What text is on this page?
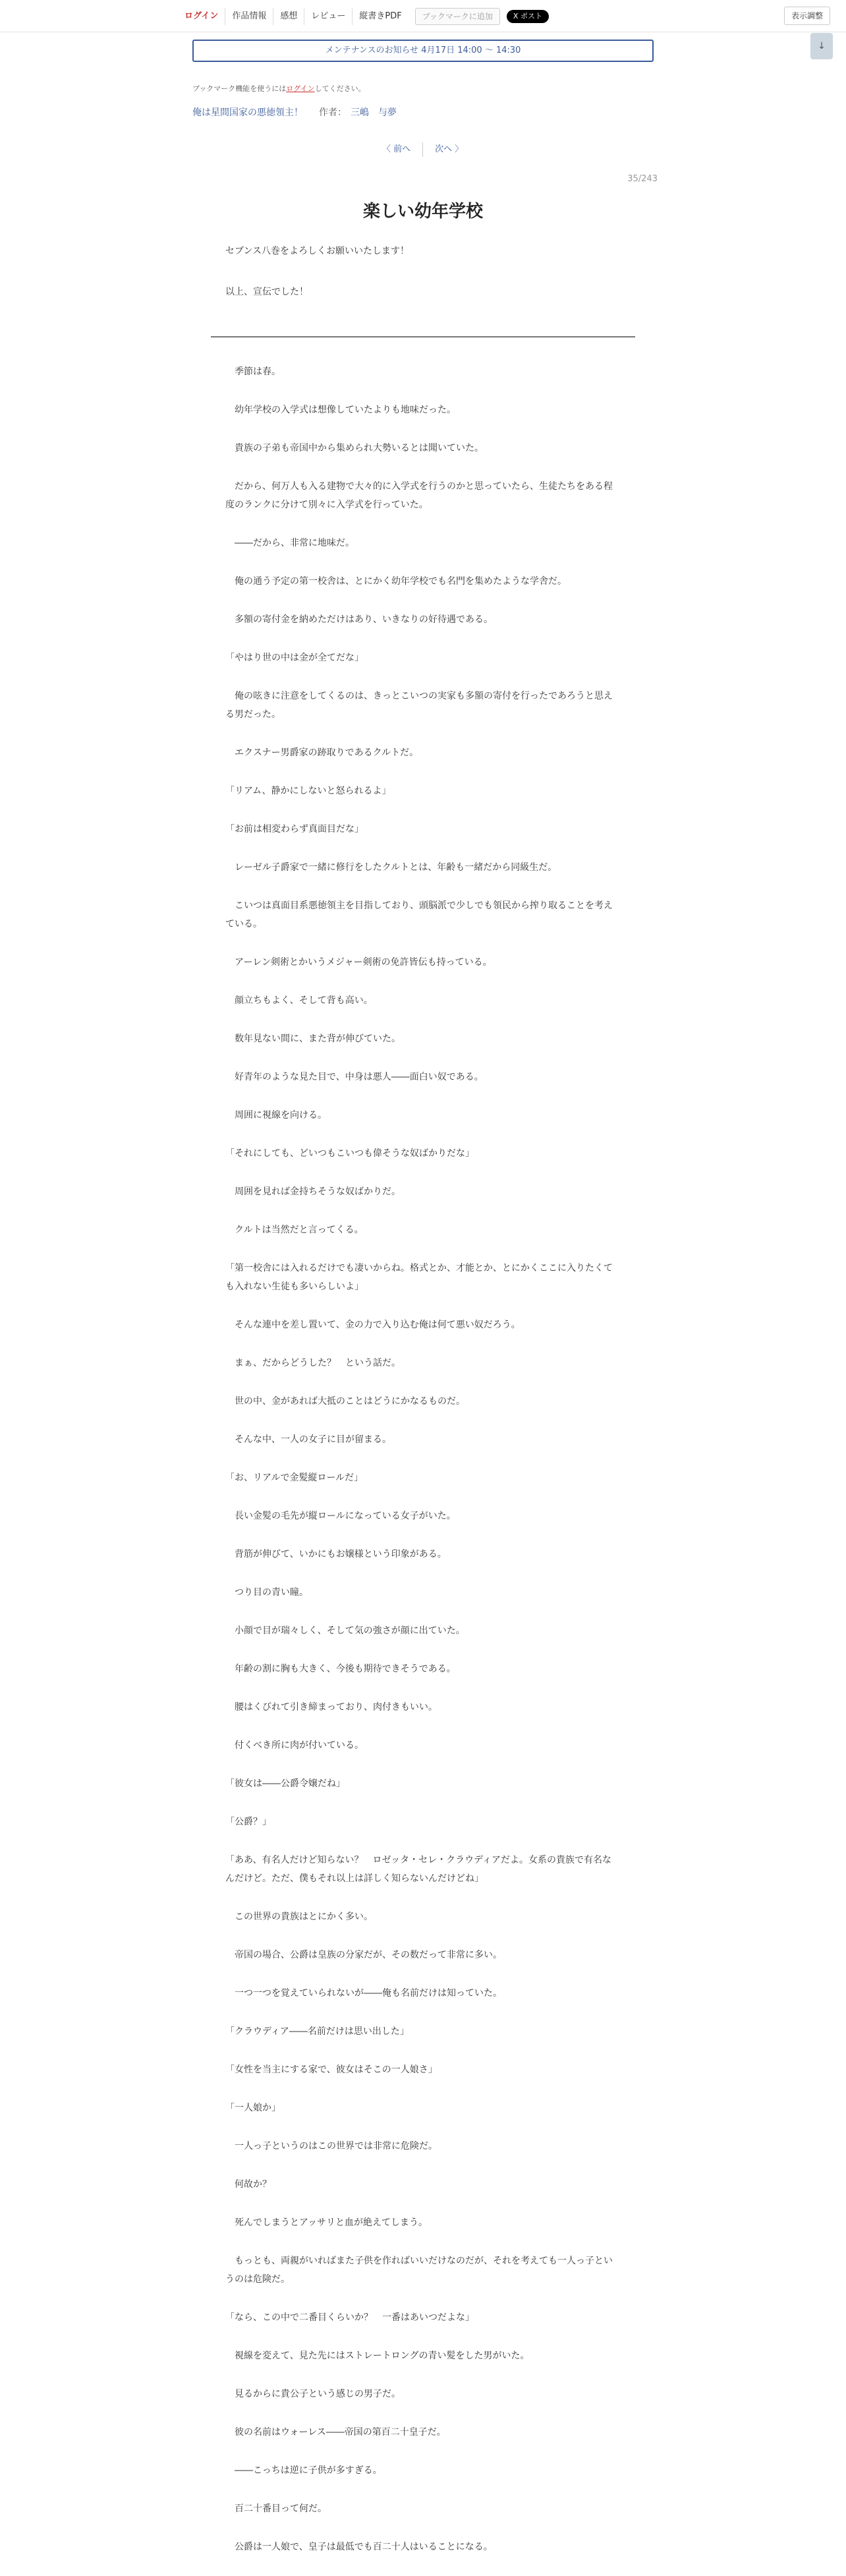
ログイン	作品情報	感想	レビュー	縦書きPDF	ブックマークに追加	X ポスト	表示調整
↓
メンテナンスのお知らせ 4月17日 14:00 〜 14:30
ブックマーク機能を使うにはログインしてください。
俺は星間国家の悪徳領主！ 作者： 三嶋　与夢
〈 前へ	次へ 〉
35/243
楽しい幼年学校

セブンス八巻をよろしくお願いいたします！

以上、宣伝でした！

　季節は春。

　幼年学校の入学式は想像していたよりも地味だった。

　貴族の子弟も帝国中から集められ大勢いるとは聞いていた。

　だから、何万人も入る建物で大々的に入学式を行うのかと思っていたら、生徒たちをある程度のランクに分けて別々に入学式を行っていた。

　――だから、非常に地味だ。

　俺の通う予定の第一校舎は、とにかく幼年学校でも名門を集めたような学舎だ。

　多額の寄付金を納めただけはあり、いきなりの好待遇である。

「やはり世の中は金が全てだな」

　俺の呟きに注意をしてくるのは、きっとこいつの実家も多額の寄付を行ったであろうと思える男だった。

　エクスナー男爵家の跡取りであるクルトだ。

「リアム、静かにしないと怒られるよ」

「お前は相変わらず真面目だな」

　レーゼル子爵家で一緒に修行をしたクルトとは、年齢も一緒だから同級生だ。

　こいつは真面目系悪徳領主を目指しており、頭脳派で少しでも領民から搾り取ることを考えている。

　アーレン剣術とかいうメジャー剣術の免許皆伝も持っている。

　顔立ちもよく、そして背も高い。

　数年見ない間に、また背が伸びていた。

　好青年のような見た目で、中身は悪人――面白い奴である。

　周囲に視線を向ける。

「それにしても、どいつもこいつも偉そうな奴ばかりだな」

　周囲を見れば金持ちそうな奴ばかりだ。

　クルトは当然だと言ってくる。

「第一校舎には入れるだけでも凄いからね。格式とか、才能とか、とにかくここに入りたくても入れない生徒も多いらしいよ」

　そんな連中を差し置いて、金の力で入り込む俺は何て悪い奴だろう。

　まぁ、だからどうした？　という話だ。

　世の中、金があれば大抵のことはどうにかなるものだ。

　そんな中、一人の女子に目が留まる。

「お、リアルで金髪縦ロールだ」

　長い金髪の毛先が縦ロールになっている女子がいた。

　背筋が伸びて、いかにもお嬢様という印象がある。

　つり目の青い瞳。

　小顔で目が瑞々しく、そして気の強さが顔に出ていた。

　年齢の割に胸も大きく、今後も期待できそうである。

　腰はくびれて引き締まっており、肉付きもいい。

　付くべき所に肉が付いている。

「彼女は――公爵令嬢だね」

「公爵？」

「ああ、有名人だけど知らない？　ロゼッタ・セレ・クラウディアだよ。女系の貴族で有名なんだけど。ただ、僕もそれ以上は詳しく知らないんだけどね」

　この世界の貴族はとにかく多い。

　帝国の場合、公爵は皇族の分家だが、その数だって非常に多い。

　一つ一つを覚えていられないが――俺も名前だけは知っていた。

「クラウディア――名前だけは思い出した」

「女性を当主にする家で、彼女はそこの一人娘さ」

「一人娘か」

　一人っ子というのはこの世界では非常に危険だ。

　何故か？

　死んでしまうとアッサリと血が絶えてしまう。

　もっとも、両親がいればまた子供を作ればいいだけなのだが、それを考えても一人っ子というのは危険だ。

「なら、この中で二番目くらいか？　一番はあいつだよな」

　視線を変えて、見た先にはストレートロングの青い髪をした男がいた。

　見るからに貴公子という感じの男子だ。

　彼の名前はウォーレス――帝国の第百二十皇子だ。

　――こっちは逆に子供が多すぎる。

　百二十番目って何だ。

　公爵は一人娘で、皇子は最低でも百二十人はいることになる。
